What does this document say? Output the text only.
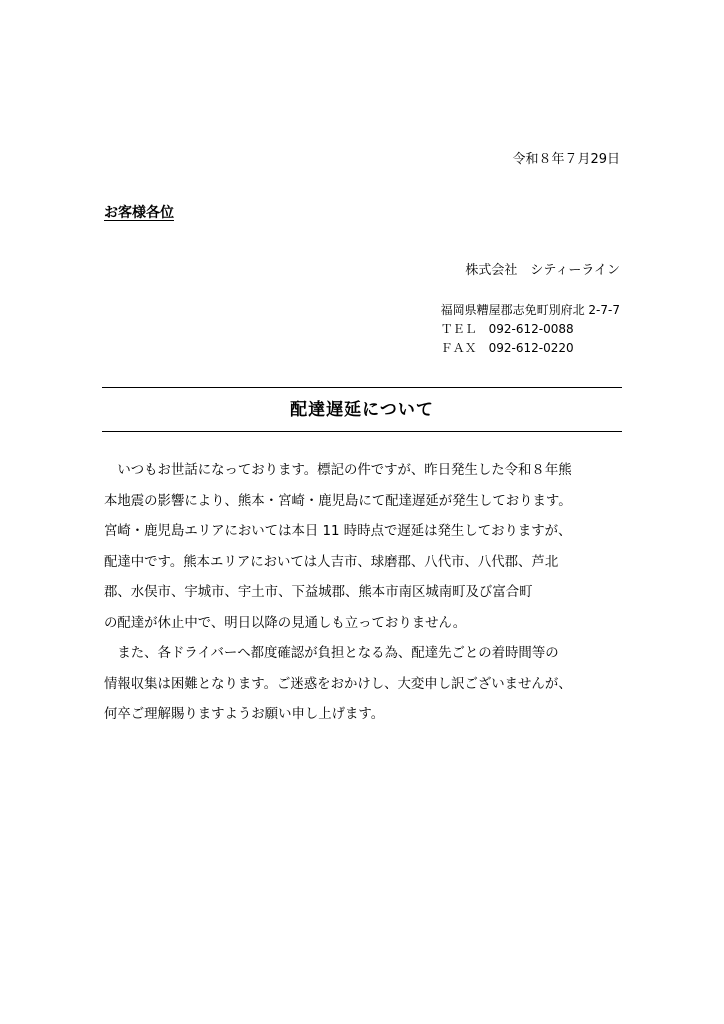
令和８年７月29日
お客様各位
株式会社　シティーライン
福岡県糟屋郡志免町別府北 2-7-7
ＴＥＬ　092-612-0088
ＦＡＸ　092-612-0220
配達遅延について
　いつもお世話になっております。標記の件ですが、昨日発生した令和８年熊
本地震の影響により、熊本・宮崎・鹿児島にて配達遅延が発生しております。
宮崎・鹿児島エリアにおいては本日 11 時時点で遅延は発生しておりますが、
配達中です。熊本エリアにおいては人吉市、球磨郡、八代市、八代郡、芦北
郡、水俣市、宇城市、宇土市、下益城郡、熊本市南区城南町及び富合町
の配達が休止中で、明日以降の見通しも立っておりません。
　また、各ドライバーへ都度確認が負担となる為、配達先ごとの着時間等の
情報収集は困難となります。ご迷惑をおかけし、大変申し訳ございませんが、
何卒ご理解賜りますようお願い申し上げます。
